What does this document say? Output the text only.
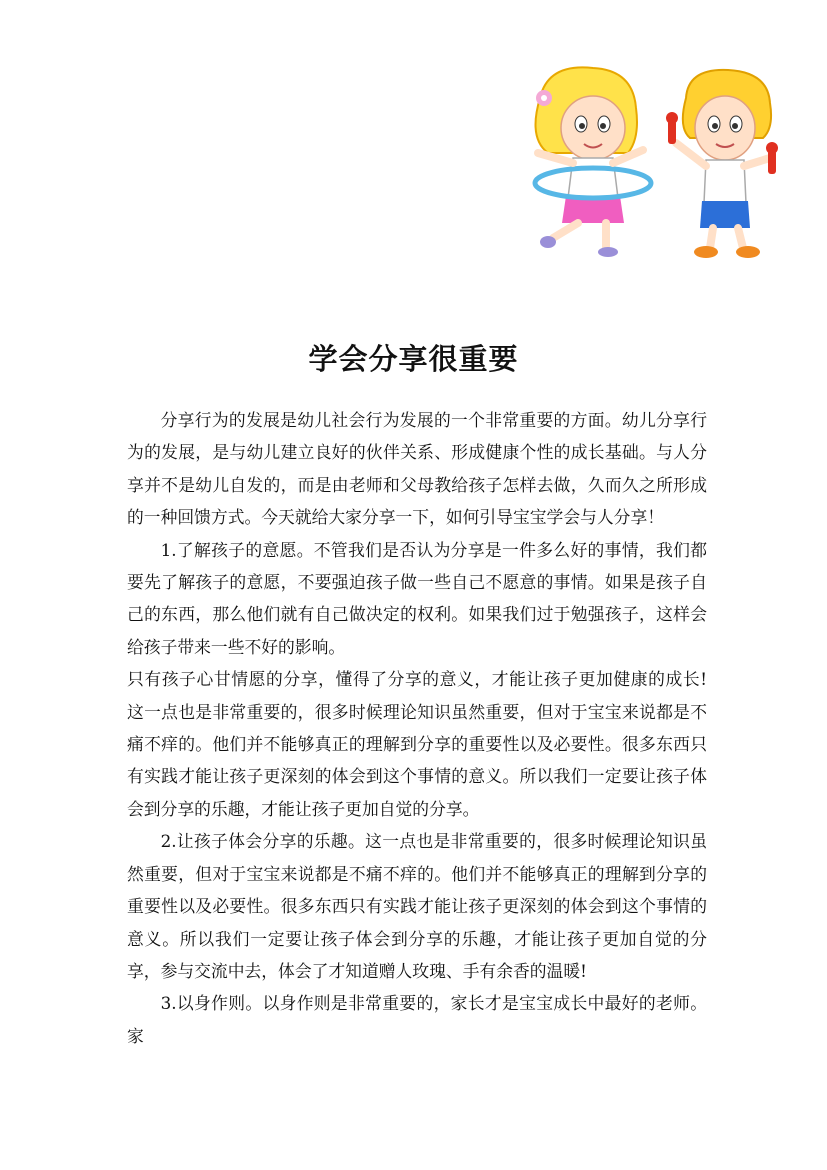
学会分享很重要

分享行为的发展是幼儿社会行为发展的一个非常重要的方面。幼儿分享行为的发展，是与幼儿建立良好的伙伴关系、形成健康个性的成长基础。与人分享并不是幼儿自发的，而是由老师和父母教给孩子怎样去做，久而久之所形成的一种回馈方式。今天就给大家分享一下，如何引导宝宝学会与人分享！

1.了解孩子的意愿。不管我们是否认为分享是一件多么好的事情，我们都要先了解孩子的意愿，不要强迫孩子做一些自己不愿意的事情。如果是孩子自己的东西，那么他们就有自己做决定的权利。如果我们过于勉强孩子，这样会给孩子带来一些不好的影响。

只有孩子心甘情愿的分享，懂得了分享的意义，才能让孩子更加健康的成长! 这一点也是非常重要的，很多时候理论知识虽然重要，但对于宝宝来说都是不痛不痒的。他们并不能够真正的理解到分享的重要性以及必要性。很多东西只有实践才能让孩子更深刻的体会到这个事情的意义。所以我们一定要让孩子体会到分享的乐趣，才能让孩子更加自觉的分享。

2.让孩子体会分享的乐趣。这一点也是非常重要的，很多时候理论知识虽然重要，但对于宝宝来说都是不痛不痒的。他们并不能够真正的理解到分享的重要性以及必要性。很多东西只有实践才能让孩子更深刻的体会到这个事情的意义。所以我们一定要让孩子体会到分享的乐趣，才能让孩子更加自觉的分享，参与交流中去，体会了才知道赠人玫瑰、手有余香的温暖!

3.以身作则。以身作则是非常重要的，家长才是宝宝成长中最好的老师。家
